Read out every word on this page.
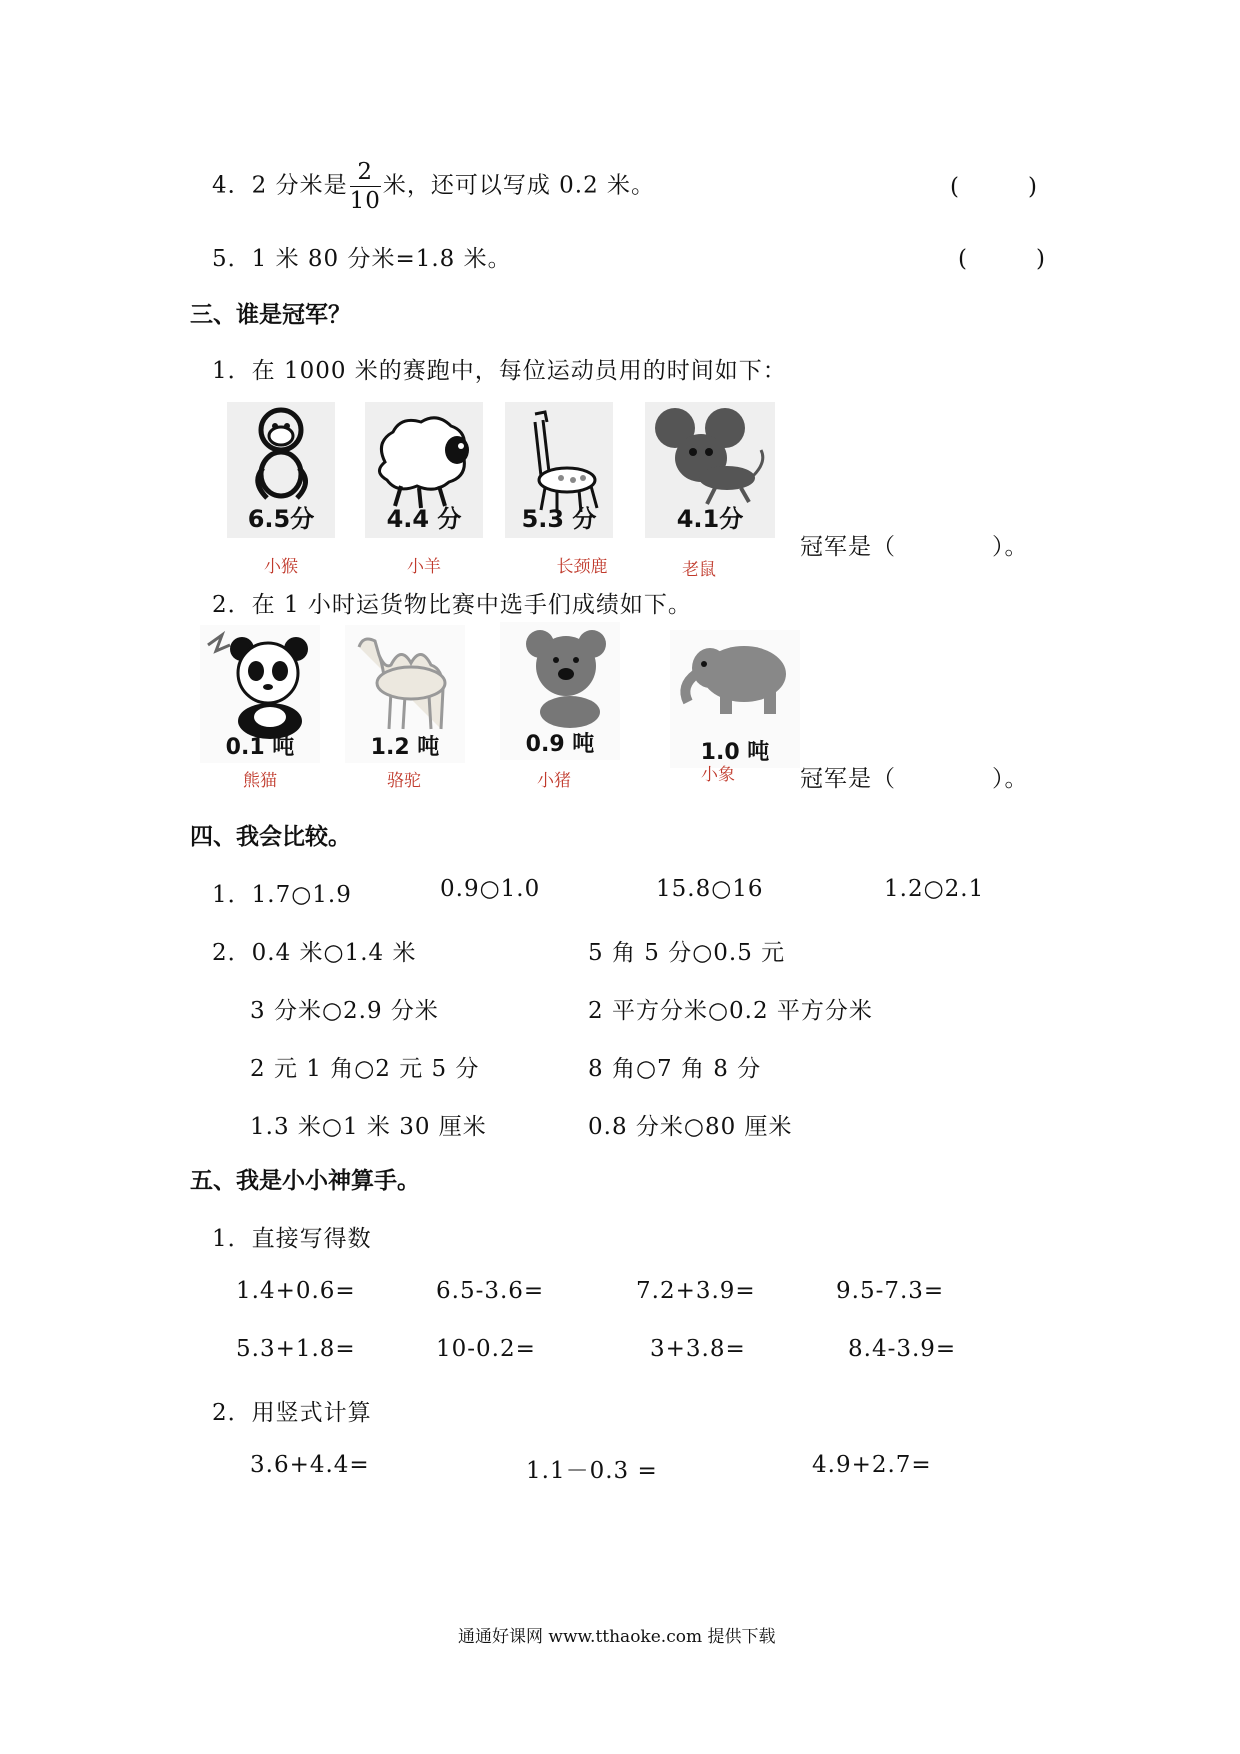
4．2 分米是 $\frac{2}{10}$ 米，还可以写成 0.2 米。	(　　　)
5．1 米 80 分米=1.8 米。	(　　　)
三、谁是冠军？
1．在 1000 米的赛跑中，每位运动员用的时间如下：
6.5分
小猴
4.4 分
小羊
5.3 分
长颈鹿
4.1分
老鼠
冠军是（　　　　）。
2．在 1 小时运货物比赛中选手们成绩如下。
0.1 吨
熊猫
1.2 吨
骆驼
0.9 吨
小猪
1.0 吨
小象	冠军是（　　　　）。
四、我会比较。
1．1.7○1.9	0.9○1.0	15.8○16	1.2○2.1
2．0.4 米○1.4 米	5 角 5 分○0.5 元
3 分米○2.9 分米	2 平方分米○0.2 平方分米
2 元 1 角○2 元 5 分	8 角○7 角 8 分
1.3 米○1 米 30 厘米	0.8 分米○80 厘米
五、我是小小神算手。
1．直接写得数
1.4+0.6=	6.5-3.6=	7.2+3.9=	9.5-7.3=
5.3+1.8=	10-0.2=	3+3.8=	8.4-3.9=
2．用竖式计算
3.6+4.4=	1.1－0.3 =	4.9+2.7=
通通好课网 www.tthaoke.com 提供下载
